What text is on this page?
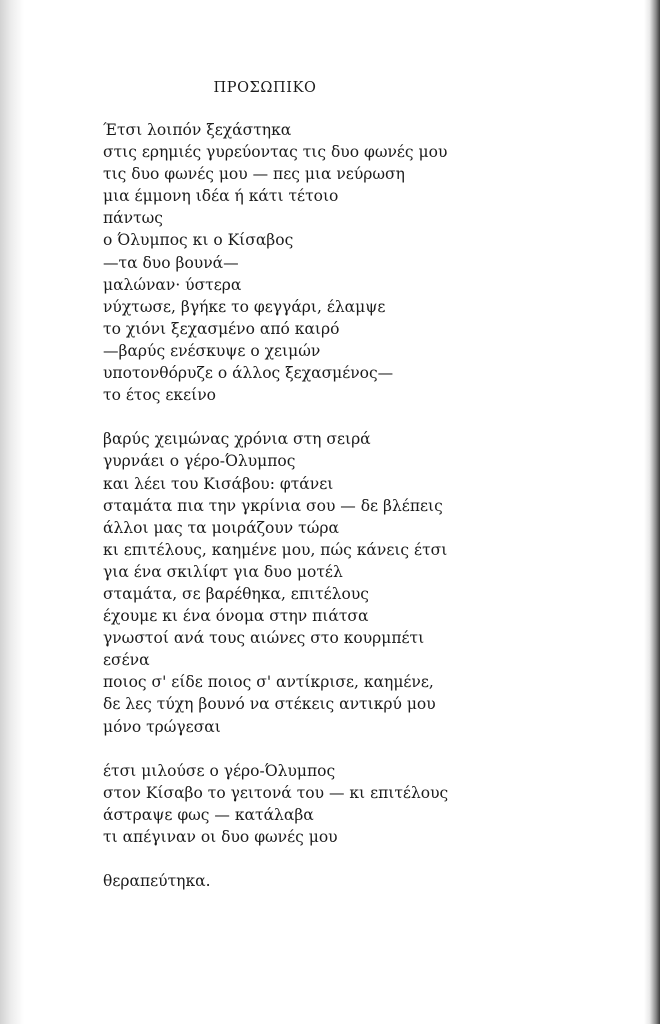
ΠΡΟΣΩΠΙΚΟ
Έτσι λοιπόν ξεχάστηκα
στις ερημιές γυρεύοντας τις δυο φωνές μου
τις δυο φωνές μου — πες μια νεύρωση
μια έμμονη ιδέα ή κάτι τέτοιο
πάντως
ο Όλυμπος κι ο Κίσαβος
—τα δυο βουνά—
μαλώναν· ύστερα
νύχτωσε, βγήκε το φεγγάρι, έλαμψε
το χιόνι ξεχασμένο από καιρό
—βαρύς ενέσκυψε ο χειμών
υποτονθόρυζε ο άλλος ξεχασμένος—
το έτος εκείνο
βαρύς χειμώνας χρόνια στη σειρά
γυρνάει ο γέρο-Όλυμπος
και λέει του Κισάβου: φτάνει
σταμάτα πια την γκρίνια σου — δε βλέπεις
άλλοι μας τα μοιράζουν τώρα
κι επιτέλους, καημένε μου, πώς κάνεις έτσι
για ένα σκιλίφτ για δυο μοτέλ
σταμάτα, σε βαρέθηκα, επιτέλους
έχουμε κι ένα όνομα στην πιάτσα
γνωστοί ανά τους αιώνες στο κουρμπέτι
εσένα
ποιος σ' είδε ποιος σ' αντίκρισε, καημένε,
δε λες τύχη βουνό να στέκεις αντικρύ μου
μόνο τρώγεσαι
έτσι μιλούσε ο γέρο-Όλυμπος
στον Κίσαβο το γειτονά του — κι επιτέλους
άστραψε φως — κατάλαβα
τι απέγιναν οι δυο φωνές μου
θεραπεύτηκα.
